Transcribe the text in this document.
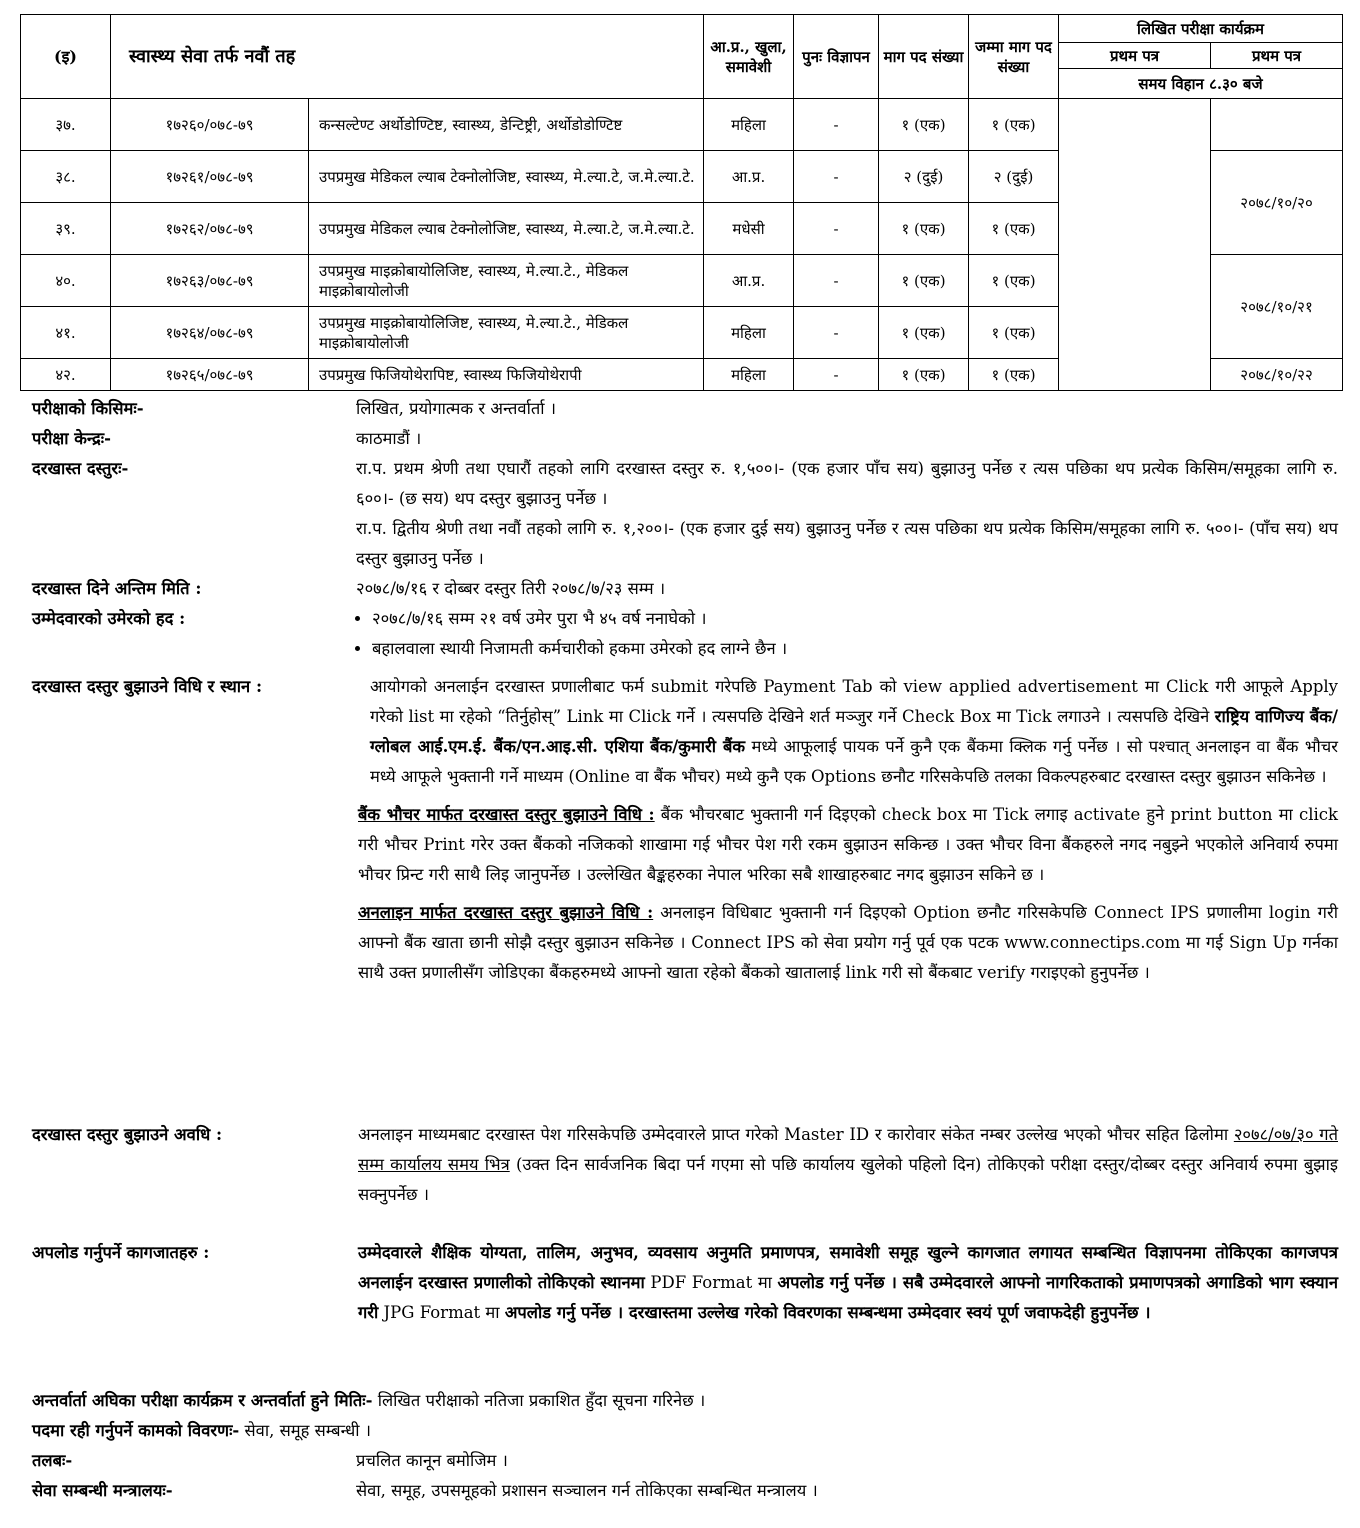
(इ)	स्वास्थ्य सेवा तर्फ नवौं तह		आ.प्र., खुला, समावेशी	पुनः विज्ञापन	माग पद संख्या	जम्मा माग पद संख्या	लिखित परीक्षा कार्यक्रम	
							प्रथम पत्र	प्रथम पत्र
							समय विहान ८.३० बजे	
३७.	१७२६०/०७८-७९	कन्सल्टेण्ट अर्थोडोण्टिष्ट, स्वास्थ्य, डेन्टिष्ट्री, अर्थोडोडोण्टिष्ट	महिला	-	१ (एक)	१ (एक)		
३८.	१७२६१/०७८-७९	उपप्रमुख मेडिकल ल्याब टेक्नोलोजिष्ट, स्वास्थ्य, मे.ल्या.टे, ज.मे.ल्या.टे.	आ.प्र.	-	२ (दुई)	२ (दुई)		२०७८/१०/२०
३९.	१७२६२/०७८-७९	उपप्रमुख मेडिकल ल्याब टेक्नोलोजिष्ट, स्वास्थ्य, मे.ल्या.टे, ज.मे.ल्या.टे.	मधेसी	-	१ (एक)	१ (एक)		
४०.	१७२६३/०७८-७९	उपप्रमुख माइक्रोबायोलिजिष्ट, स्वास्थ्य, मे.ल्या.टे., मेडिकल माइक्रोबायोलोजी	आ.प्र.	-	१ (एक)	१ (एक)		२०७८/१०/२१
४१.	१७२६४/०७८-७९	उपप्रमुख माइक्रोबायोलिजिष्ट, स्वास्थ्य, मे.ल्या.टे., मेडिकल माइक्रोबायोलोजी	महिला	-	१ (एक)	१ (एक)		
४२.	१७२६५/०७८-७९	उपप्रमुख फिजियोथेरापिष्ट, स्वास्थ्य फिजियोथेरापी	महिला	-	१ (एक)	१ (एक)		२०७८/१०/२२
परीक्षाको किसिमः-	लिखित, प्रयोगात्मक र अन्तर्वार्ता ।
परीक्षा केन्द्रः-	काठमाडौं ।
दरखास्त दस्तुरः-	रा.प. प्रथम श्रेणी तथा एघारौं तहको लागि दरखास्त दस्तुर रु. १,५००।- (एक हजार पाँच सय) बुझाउनु पर्नेछ र त्यस पछिका थप प्रत्येक किसिम/समूहका लागि रु. ६००।- (छ सय) थप दस्तुर बुझाउनु पर्नेछ ।
रा.प. द्वितीय श्रेणी तथा नवौं तहको लागि रु. १,२००।- (एक हजार दुई सय) बुझाउनु पर्नेछ र त्यस पछिका थप प्रत्येक किसिम/समूहका लागि रु. ५००।- (पाँच सय) थप दस्तुर बुझाउनु पर्नेछ ।
दरखास्त दिने अन्तिम मिति :	२०७८/७/१६ र दोब्बर दस्तुर तिरी २०७८/७/२३ सम्म ।
उम्मेदवारको उमेरको हद :	• २०७८/७/१६ सम्म २१ वर्ष उमेर पुरा भै ४५ वर्ष ननाघेको ।
• बहालवाला स्थायी निजामती कर्मचारीको हकमा उमेरको हद लाग्ने छैन ।
दरखास्त दस्तुर बुझाउने विधि र स्थान :	आयोगको अनलाईन दरखास्त प्रणालीबाट फर्म submit गरेपछि Payment Tab को view applied advertisement मा Click गरी आफूले Apply गरेको list मा रहेको “तिर्नुहोस्” Link मा Click गर्ने । त्यसपछि देखिने शर्त मञ्जुर गर्ने Check Box मा Tick लगाउने । त्यसपछि देखिने राष्ट्रिय वाणिज्य बैंक/ग्लोबल आई.एम.ई. बैंक/एन.आइ.सी. एशिया बैंक/कुमारी बैंक मध्ये आफूलाई पायक पर्ने कुनै एक बैंकमा क्लिक गर्नु पर्नेछ । सो पश्चात् अनलाइन वा बैंक भौचर मध्ये आफूले भुक्तानी गर्ने माध्यम (Online वा बैंक भौचर) मध्ये कुनै एक Options छनौट गरिसकेपछि तलका विकल्पहरुबाट दरखास्त दस्तुर बुझाउन सकिनेछ ।
बैंक भौचर मार्फत दरखास्त दस्तुर बुझाउने विधि : बैंक भौचरबाट भुक्तानी गर्न दिइएको check box मा Tick लगाइ activate हुने print button मा click गरी भौचर Print गरेर उक्त बैंकको नजिकको शाखामा गई भौचर पेश गरी रकम बुझाउन सकिन्छ । उक्त भौचर विना बैंकहरुले नगद नबुझ्ने भएकोले अनिवार्य रुपमा भौचर प्रिन्ट गरी साथै लिइ जानुपर्नेछ । उल्लेखित बैङ्कहरुका नेपाल भरिका सबै शाखाहरुबाट नगद बुझाउन सकिने छ ।
अनलाइन मार्फत दरखास्त दस्तुर बुझाउने विधि : अनलाइन विधिबाट भुक्तानी गर्न दिइएको Option छनौट गरिसकेपछि Connect IPS प्रणालीमा login गरी आफ्नो बैंक खाता छानी सोझै दस्तुर बुझाउन सकिनेछ । Connect IPS को सेवा प्रयोग गर्नु पूर्व एक पटक www.connectips.com मा गई Sign Up गर्नका साथै उक्त प्रणालीसँग जोडिएका बैंकहरुमध्ये आफ्नो खाता रहेको बैंकको खातालाई link गरी सो बैंकबाट verify गराइएको हुनुपर्नेछ ।
दरखास्त दस्तुर बुझाउने अवधि :	अनलाइन माध्यमबाट दरखास्त पेश गरिसकेपछि उम्मेदवारले प्राप्त गरेको Master ID र कारोवार संकेत नम्बर उल्लेख भएको भौचर सहित ढिलोमा २०७८/०७/३० गते सम्म कार्यालय समय भित्र (उक्त दिन सार्वजनिक बिदा पर्न गएमा सो पछि कार्यालय खुलेको पहिलो दिन) तोकिएको परीक्षा दस्तुर/दोब्बर दस्तुर अनिवार्य रुपमा बुझाइ सक्नुपर्नेछ ।
अपलोड गर्नुपर्ने कागजातहरु :	उम्मेदवारले शैक्षिक योग्यता, तालिम, अनुभव, व्यवसाय अनुमति प्रमाणपत्र, समावेशी समूह खुल्ने कागजात लगायत सम्बन्धित विज्ञापनमा तोकिएका कागजपत्र अनलाईन दरखास्त प्रणालीको तोकिएको स्थानमा PDF Format मा अपलोड गर्नु पर्नेछ । सबै उम्मेदवारले आफ्नो नागरिकताको प्रमाणपत्रको अगाडिको भाग स्क्यान गरी JPG Format मा अपलोड गर्नु पर्नेछ । दरखास्तमा उल्लेख गरेको विवरणका सम्बन्धमा उम्मेदवार स्वयं पूर्ण जवाफदेही हुनुपर्नेछ ।
अन्तर्वार्ता अघिका परीक्षा कार्यक्रम र अन्तर्वार्ता हुने मितिः- लिखित परीक्षाको नतिजा प्रकाशित हुँदा सूचना गरिनेछ ।
पदमा रही गर्नुपर्ने कामको विवरणः- सेवा, समूह सम्बन्धी ।
तलबः-	प्रचलित कानून बमोजिम ।
सेवा सम्बन्धी मन्त्रालयः-	सेवा, समूह, उपसमूहको प्रशासन सञ्चालन गर्न तोकिएका सम्बन्धित मन्त्रालय ।
